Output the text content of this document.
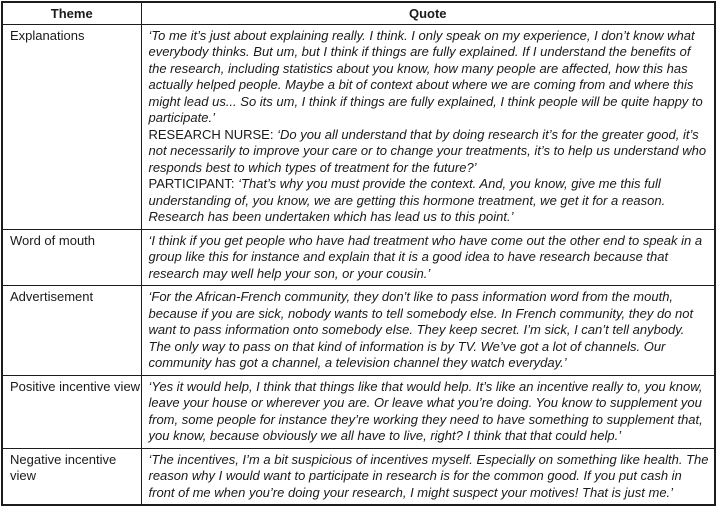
Theme	Quote
Explanations	‘To me it’s just about explaining really. I think. I only speak on my experience, I don’t know what everybody thinks. But um, but I think if things are fully explained. If I understand the benefits of the research, including statistics about you know, how many people are affected, how this has actually helped people. Maybe a bit of context about where we are coming from and where this might lead us... So its um, I think if things are fully explained, I think people will be quite happy to participate.’

RESEARCH NURSE: ‘Do you all understand that by doing research it’s for the greater good, it’s not necessarily to improve your care or to change your treatments, it’s to help us understand who responds best to which types of treatment for the future?’

PARTICIPANT: ‘That’s why you must provide the context. And, you know, give me this full understanding of, you know, we are getting this hormone treatment, we get it for a reason. Research has been undertaken which has lead us to this point.’

Word of mouth	‘I think if you get people who have had treatment who have come out the other end to speak in a group like this for instance and explain that it is a good idea to have research because that research may well help your son, or your cousin.’

Advertisement	‘For the African-French community, they don’t like to pass information word from the mouth, because if you are sick, nobody wants to tell somebody else. In French community, they do not want to pass information onto somebody else. They keep secret. I’m sick, I can’t tell anybody. The only way to pass on that kind of information is by TV. We’ve got a lot of channels. Our community has got a channel, a television channel they watch everyday.’

Positive incentive view	‘Yes it would help, I think that things like that would help. It’s like an incentive really to, you know, leave your house or wherever you are. Or leave what you’re doing. You know to supplement you from, some people for instance they’re working they need to have something to supplement that, you know, because obviously we all have to live, right? I think that that could help.’

Negative incentive view	‘The incentives, I’m a bit suspicious of incentives myself. Especially on something like health. The reason why I would want to participate in research is for the common good. If you put cash in front of me when you’re doing your research, I might suspect your motives! That is just me.’
